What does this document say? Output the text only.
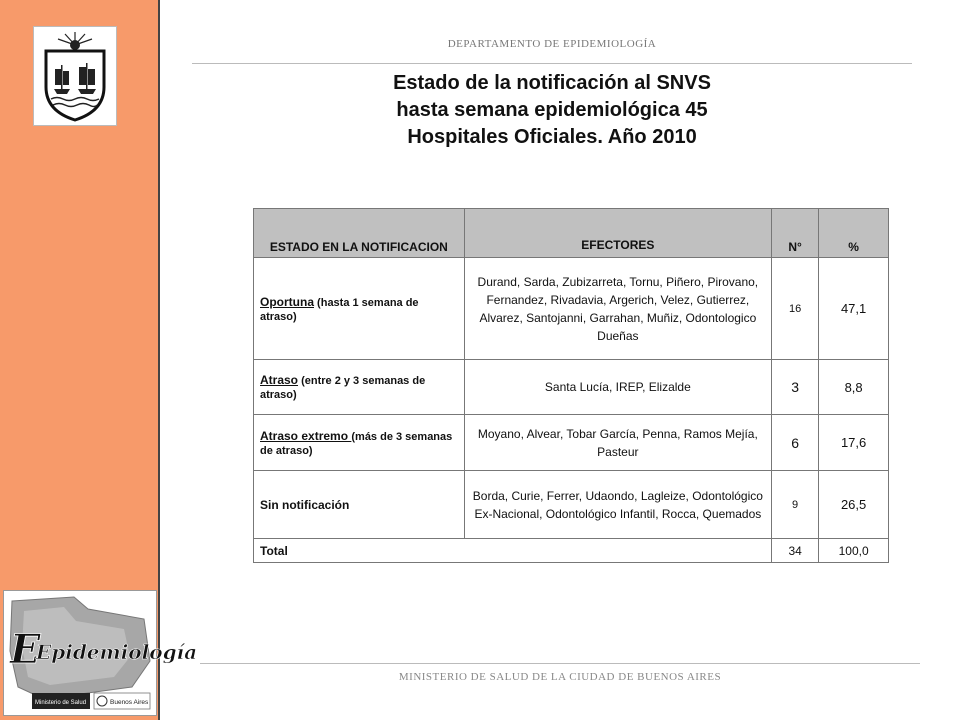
E
Epidemiología
Ministerio de Salud	Buenos Aires
DEPARTAMENTO DE EPIDEMIOLOGÍA
Estado de la notificación al SNVS
hasta semana epidemiológica 45
Hospitales Oficiales. Año 2010
ESTADO EN LA NOTIFICACION	EFECTORES	N°	%
Oportuna (hasta 1 semana de atraso)	Durand, Sarda, Zubizarreta, Tornu, Piñero, Pirovano, Fernandez, Rivadavia, Argerich, Velez, Gutierrez, Alvarez, Santojanni, Garrahan, Muñiz, Odontologico Dueñas	16	47,1
Atraso (entre 2 y 3 semanas de atraso)	Santa Lucía, IREP, Elizalde	3	8,8
Atraso extremo (más de 3 semanas de atraso)	Moyano, Alvear, Tobar García, Penna, Ramos Mejía, Pasteur	6	17,6
Sin notificación	Borda, Curie, Ferrer, Udaondo, Lagleize, Odontológico Ex-Nacional, Odontológico Infantil, Rocca, Quemados	9	26,5
Total		34	100,0
MINISTERIO DE SALUD DE LA CIUDAD DE BUENOS AIRES
